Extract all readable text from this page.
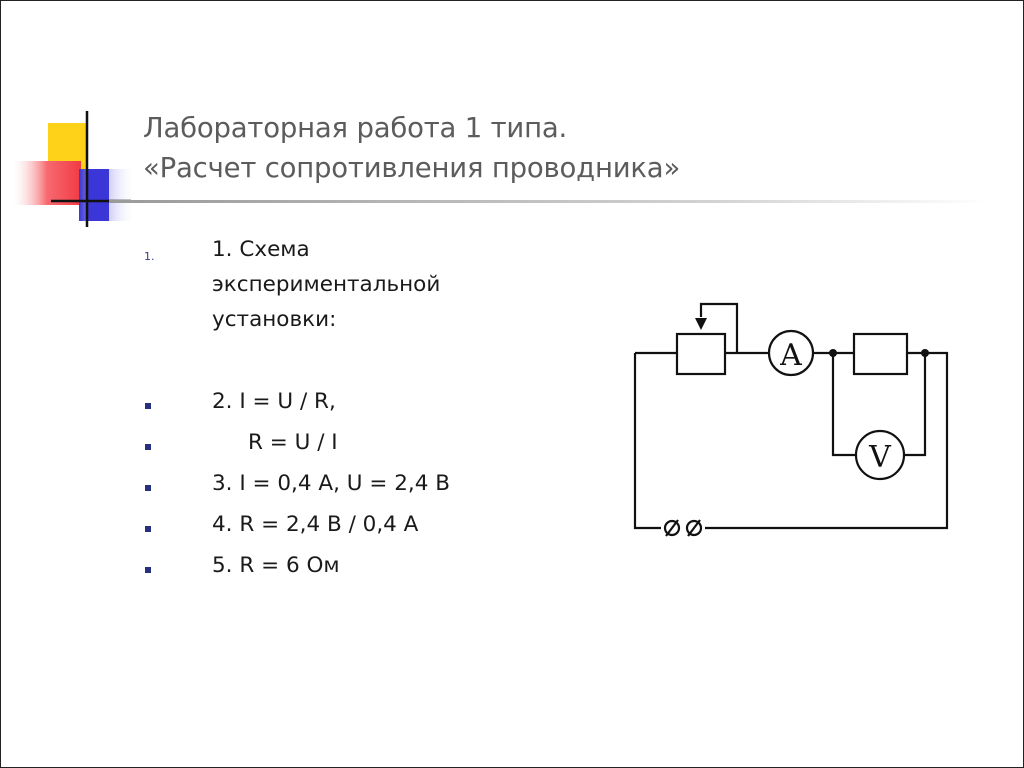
Лабораторная работа 1 типа.
«Расчет сопротивления проводника»
1.	1. Схема
экспериментальной
установки:
2. I = U / R,
R = U / I
3. I = 0,4 A, U = 2,4 B
4. R = 2,4 B / 0,4 A
5. R = 6 Ом
A
V
